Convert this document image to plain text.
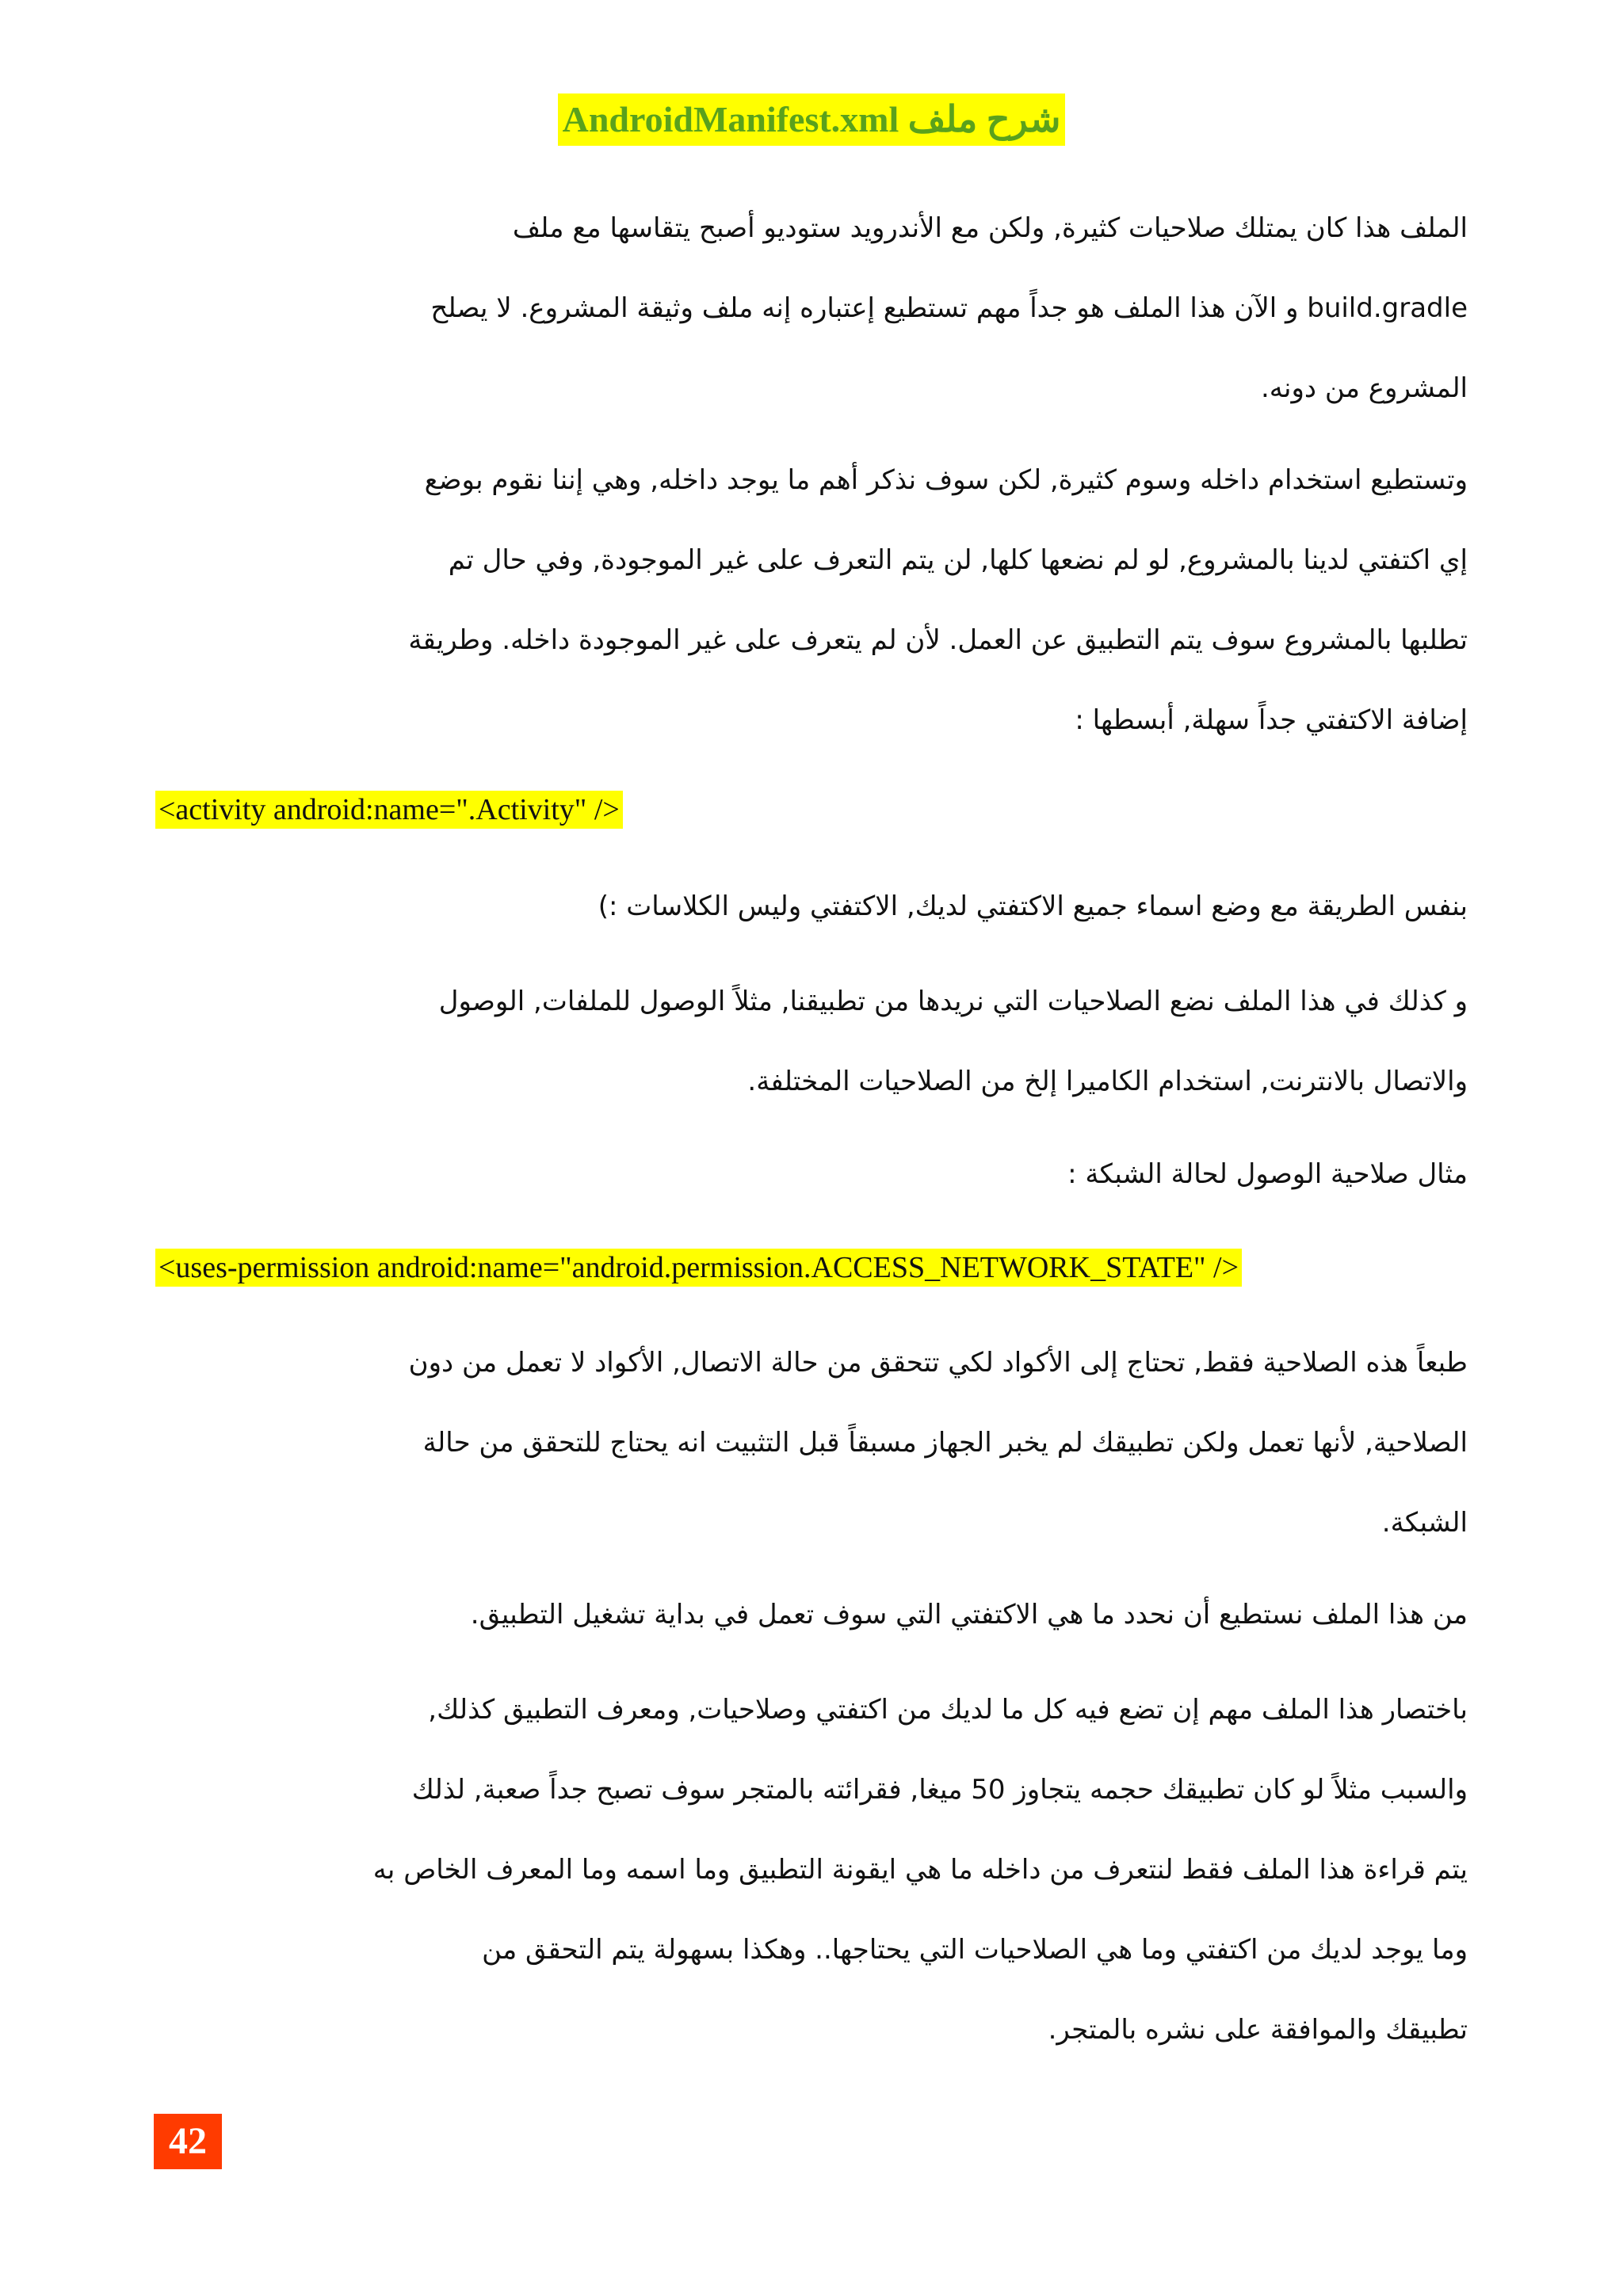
شرح ملف AndroidManifest.xml
الملف هذا كان يمتلك صلاحيات كثيرة, ولكن مع الأندرويد ستوديو أصبح يتقاسها مع ملف
build.gradle و الآن هذا الملف هو جداً مهم تستطيع إعتباره إنه ملف وثيقة المشروع. لا يصلح
المشروع من دونه.
وتستطيع استخدام داخله وسوم كثيرة, لكن سوف نذكر أهم ما يوجد داخله, وهي إننا نقوم بوضع
إي اكتفتي لدينا بالمشروع, لو لم نضعها كلها, لن يتم التعرف على غير الموجودة, وفي حال تم
تطلبها بالمشروع سوف يتم التطبيق عن العمل. لأن لم يتعرف على غير الموجودة داخله. وطريقة
إضافة الاكتفتي جداً سهلة, أبسطها :
<activity android:name=".Activity" />
بنفس الطريقة مع وضع اسماء جميع الاكتفتي لديك, الاكتفتي وليس الكلاسات :)
و كذلك في هذا الملف نضع الصلاحيات التي نريدها من تطبيقنا, مثلاً الوصول للملفات, الوصول
والاتصال بالانترنت, استخدام الكاميرا إلخ من الصلاحيات المختلفة.
مثال صلاحية الوصول لحالة الشبكة :
<uses-permission android:name="android.permission.ACCESS_NETWORK_STATE" />
طبعاً هذه الصلاحية فقط, تحتاج إلى الأكواد لكي تتحقق من حالة الاتصال, الأكواد لا تعمل من دون
الصلاحية, لأنها تعمل ولكن تطبيقك لم يخبر الجهاز مسبقاً قبل التثبيت انه يحتاج للتحقق من حالة
الشبكة.
من هذا الملف نستطيع أن نحدد ما هي الاكتفتي التي سوف تعمل في بداية تشغيل التطبيق.
باختصار هذا الملف مهم إن تضع فيه كل ما لديك من اكتفتي وصلاحيات, ومعرف التطبيق كذلك,
والسبب مثلاً لو كان تطبيقك حجمه يتجاوز 50 ميغا, فقرائته بالمتجر سوف تصبح جداً صعبة, لذلك
يتم قراءة هذا الملف فقط لنتعرف من داخله ما هي ايقونة التطبيق وما اسمه وما المعرف الخاص به
وما يوجد لديك من اكتفتي وما هي الصلاحيات التي يحتاجها.. وهكذا بسهولة يتم التحقق من
تطبيقك والموافقة على نشره بالمتجر.
42
